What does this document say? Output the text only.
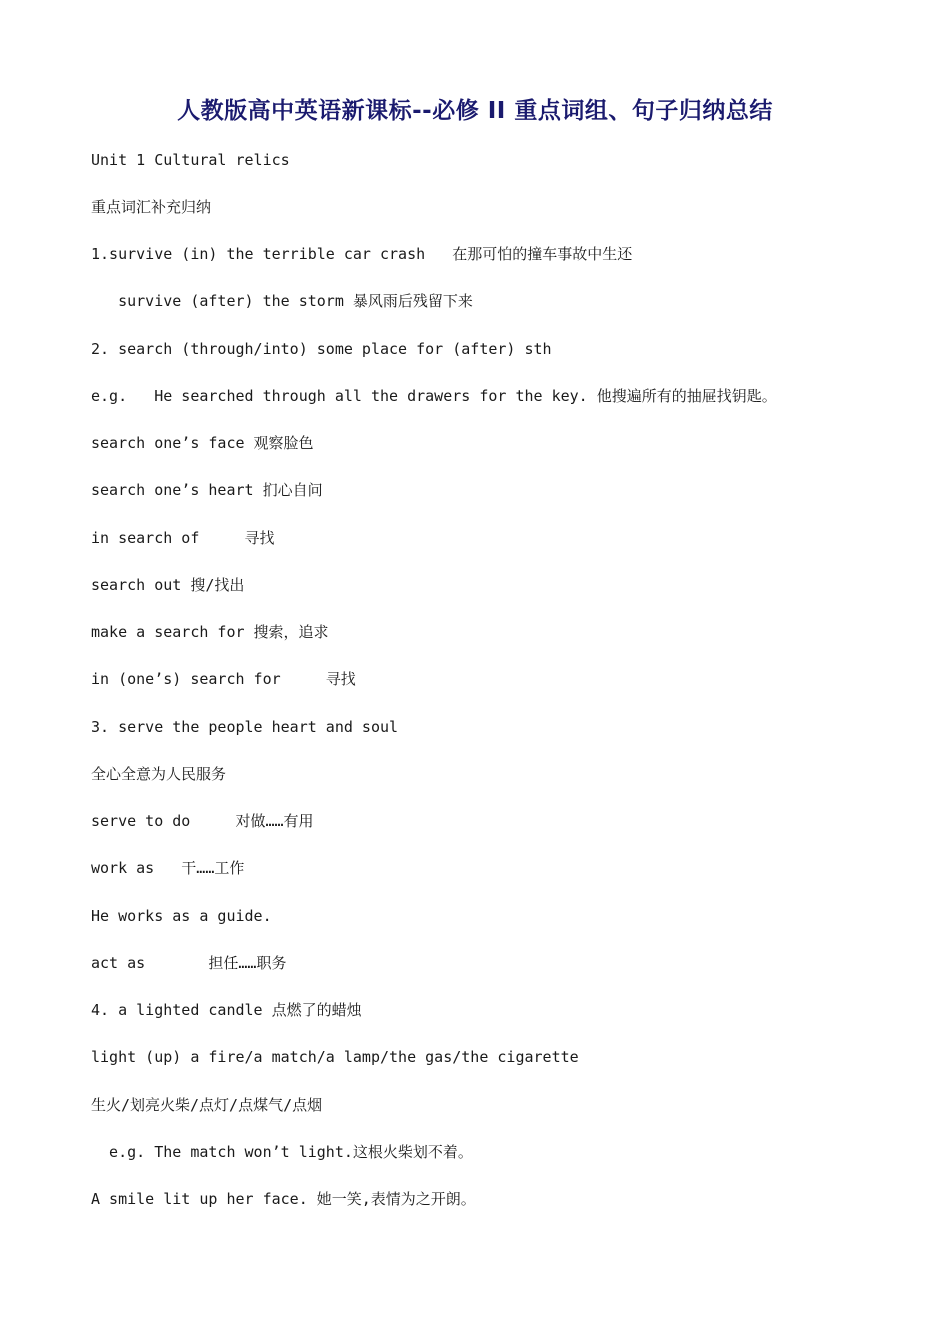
人教版高中英语新课标--必修 II 重点词组、句子归纳总结
Unit 1 Cultural relics
重点词汇补充归纳
1.survive (in) the terrible car crash   在那可怕的撞车事故中生还
survive (after) the storm 暴风雨后残留下来
2. search (through/into) some place for (after) sth
e.g.   He searched through all the drawers for the key. 他搜遍所有的抽屉找钥匙。
search one’s face 观察脸色
search one’s heart 扪心自问
in search of     寻找
search out 搜/找出
make a search for 搜索，追求
in (one’s) search for     寻找
3. serve the people heart and soul
全心全意为人民服务
serve to do     对做……有用
work as   干……工作
He works as a guide.
act as       担任……职务
4. a lighted candle 点燃了的蜡烛
light (up) a fire/a match/a lamp/the gas/the cigarette
生火/划亮火柴/点灯/点煤气/点烟
e.g. The match won’t light.这根火柴划不着。
A smile lit up her face. 她一笑,表情为之开朗。
